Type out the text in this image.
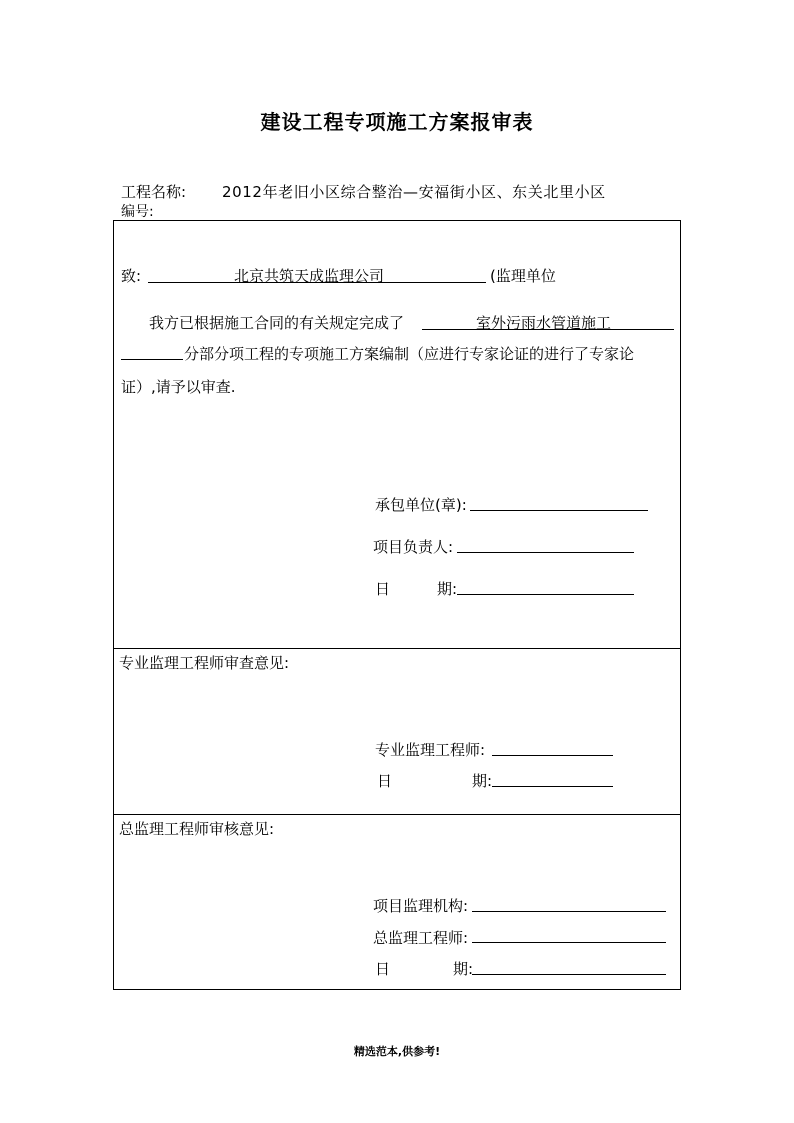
建设工程专项施工方案报审表
工程名称: 2012年老旧小区综合整治—安福街小区、东关北里小区
编号:
致:	北京共筑天成监理公司	(监理单位
我方已根据施工合同的有关规定完成了	室外污雨水管道施工
分部分项工程的专项施工方案编制（应进行专家论证的进行了专家论
证）,请予以审查.
承包单位(章):
项目负责人:
日	期:
专业监理工程师审查意见:
专业监理工程师:
日	期:
总监理工程师审核意见:
项目监理机构:
总监理工程师:
日	期:
精选范本,供参考!
